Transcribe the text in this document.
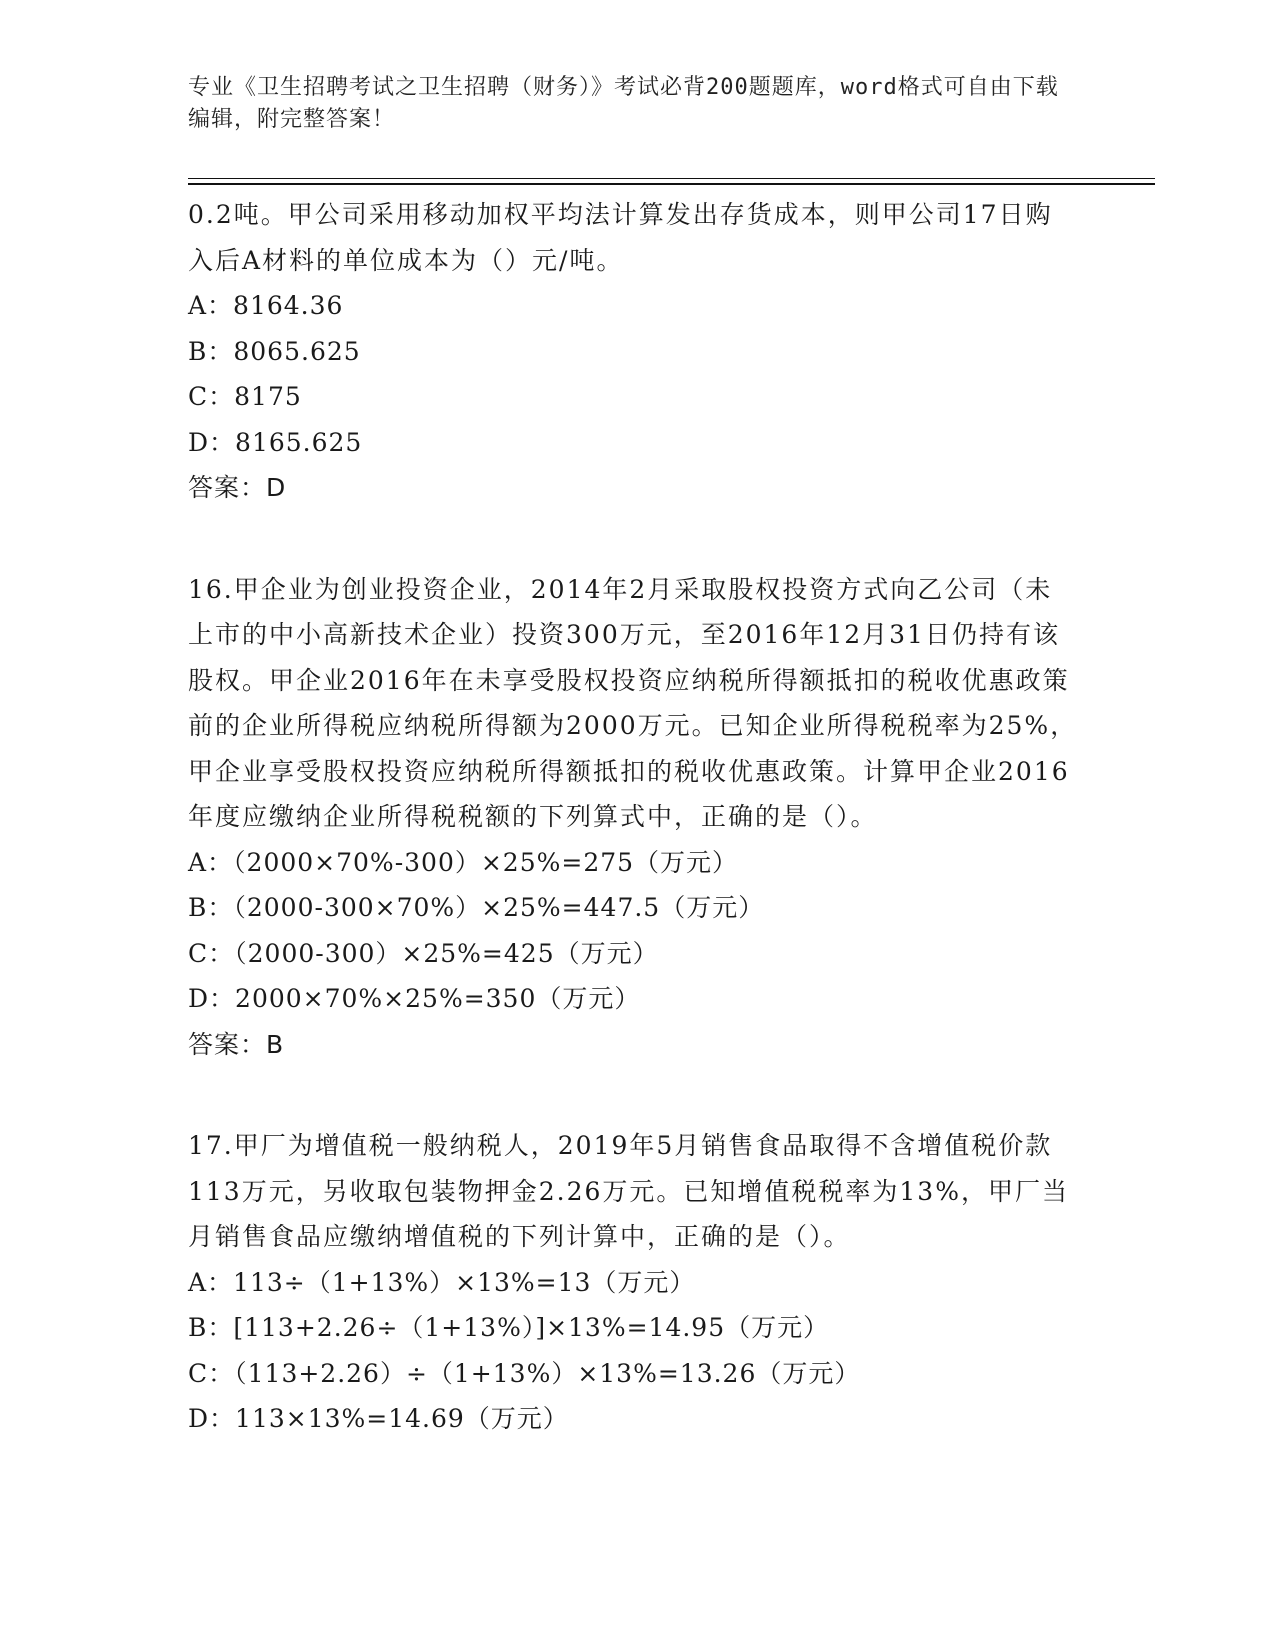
专业《卫生招聘考试之卫生招聘（财务）》考试必背200题题库，word格式可自由下载编辑，附完整答案！

0.2吨。甲公司采用移动加权平均法计算发出存货成本，则甲公司17日购入后A材料的单位成本为（）元/吨。

A：8164.36

B：8065.625

C：8175

D：8165.625

答案：D

16.甲企业为创业投资企业，2014年2月采取股权投资方式向乙公司（未上市的中小高新技术企业）投资300万元，至2016年12月31日仍持有该股权。甲企业2016年在未享受股权投资应纳税所得额抵扣的税收优惠政策前的企业所得税应纳税所得额为2000万元。已知企业所得税税率为25%，甲企业享受股权投资应纳税所得额抵扣的税收优惠政策。计算甲企业2016年度应缴纳企业所得税税额的下列算式中，正确的是（）。

A：（2000×70%-300）×25%=275（万元）

B：（2000-300×70%）×25%=447.5（万元）

C：（2000-300）×25%=425（万元）

D：2000×70%×25%=350（万元）

答案：B

17.甲厂为增值税一般纳税人，2019年5月销售食品取得不含增值税价款113万元，另收取包装物押金2.26万元。已知增值税税率为13%，甲厂当月销售食品应缴纳增值税的下列计算中，正确的是（）。

A：113÷（1+13%）×13%=13（万元）

B：[113+2.26÷（1+13%）]×13%=14.95（万元）

C：（113+2.26）÷（1+13%）×13%=13.26（万元）

D：113×13%=14.69（万元）
